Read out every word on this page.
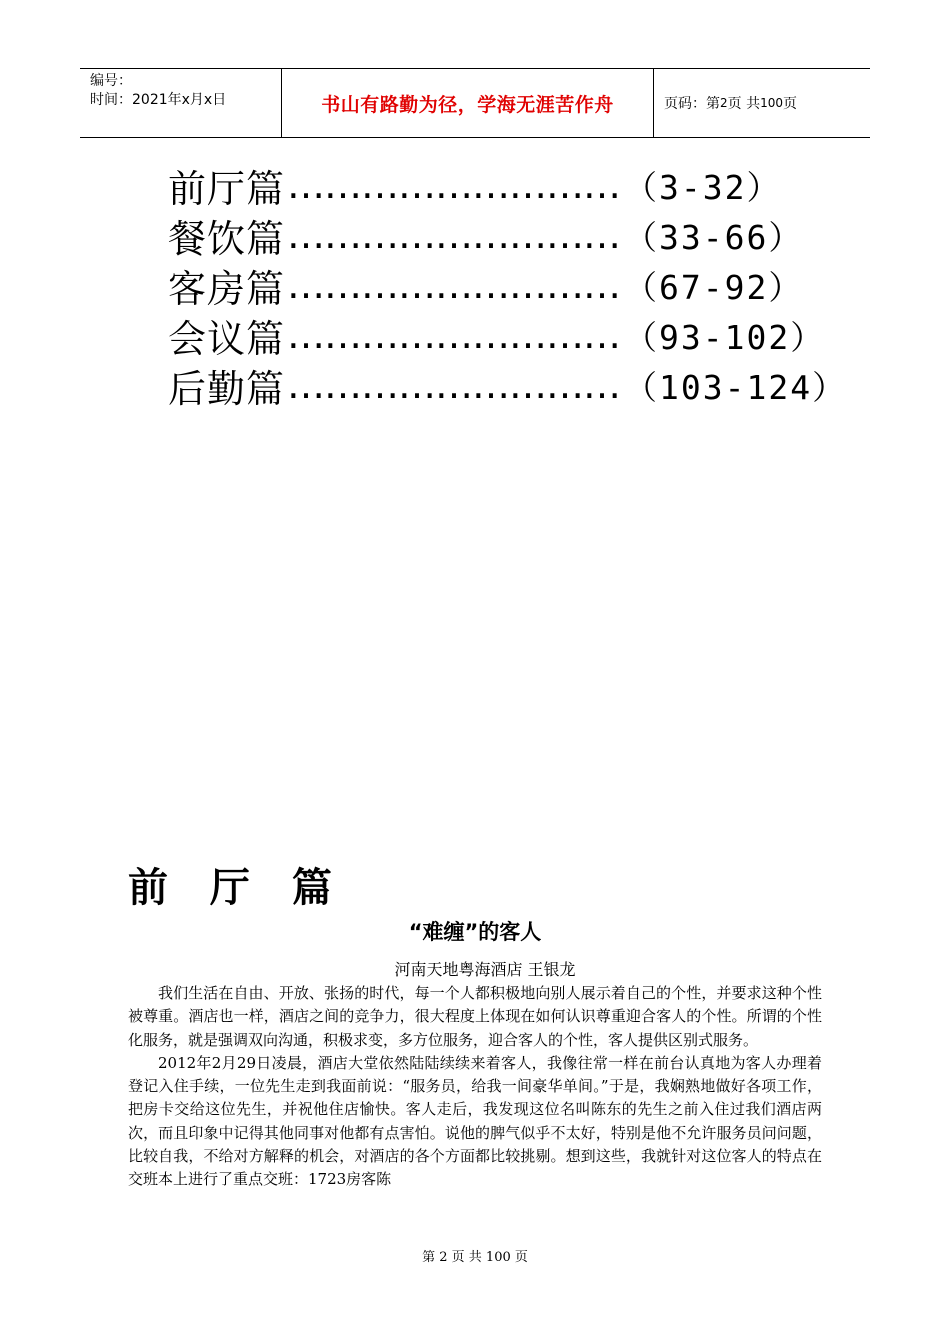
编号：
时间：2021年x月x日	书山有路勤为径，学海无涯苦作舟	页码：第 2 页 共 100 页
前厅篇 ……………………… （3-32）
餐饮篇 ……………………… （33-66）
客房篇 ……………………… （67-92）
会议篇 ……………………… （93-102）
后勤篇 ……………………… （103-124）
前 厅 篇
“难缠”的客人
河南天地粤海酒店 王银龙

我们生活在自由、开放、张扬的时代，每一个人都积极地向别人展示着自己的个性，并要求这种个性被尊重。酒店也一样，酒店之间的竞争力，很大程度上体现在如何认识尊重迎合客人的个性。所谓的个性化服务，就是强调双向沟通，积极求变，多方位服务，迎合客人的个性，客人提供区别式服务。

2012年2月29日凌晨，酒店大堂依然陆陆续续来着客人，我像往常一样在前台认真地为客人办理着登记入住手续，一位先生走到我面前说：“服务员，给我一间豪华单间。”于是，我娴熟地做好各项工作，把房卡交给这位先生，并祝他住店愉快。客人走后，我发现这位名叫陈东的先生之前入住过我们酒店两次，而且印象中记得其他同事对他都有点害怕。说他的脾气似乎不太好，特别是他不允许服务员问问题，比较自我，不给对方解释的机会，对酒店的各个方面都比较挑剔。想到这些，我就针对这位客人的特点在交班本上进行了重点交班：1723房客陈

第 2 页 共 100 页
